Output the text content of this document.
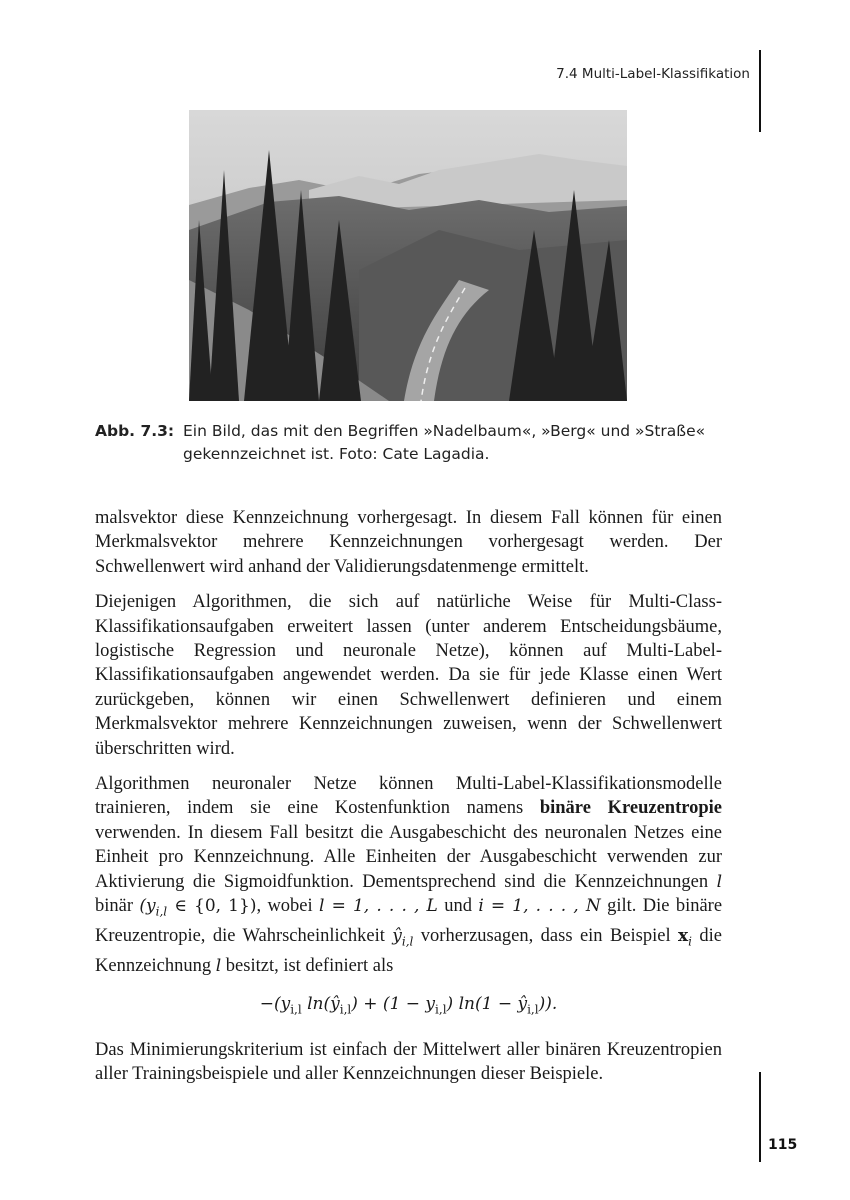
7.4 Multi-Label-Klassifikation
Abb. 7.3: Ein Bild, das mit den Begriffen »Nadelbaum«, »Berg« und »Straße« gekennzeichnet ist. Foto: Cate Lagadia.

malsvektor diese Kennzeichnung vorhergesagt. In diesem Fall können für einen Merkmalsvektor mehrere Kennzeichnungen vorhergesagt werden. Der Schwellenwert wird anhand der Validierungsdatenmenge ermittelt.

Diejenigen Algorithmen, die sich auf natürliche Weise für Multi-Class-Klassifikationsaufgaben erweitert lassen (unter anderem Entscheidungsbäume, logistische Regression und neuronale Netze), können auf Multi-Label-Klassifikationsaufgaben angewendet werden. Da sie für jede Klasse einen Wert zurückgeben, können wir einen Schwellenwert definieren und einem Merkmalsvektor mehrere Kennzeichnungen zuweisen, wenn der Schwellenwert überschritten wird.

Algorithmen neuronaler Netze können Multi-Label-Klassifikationsmodelle trainieren, indem sie eine Kostenfunktion namens binäre Kreuzentropie verwenden. In diesem Fall besitzt die Ausgabeschicht des neuronalen Netzes eine Einheit pro Kennzeichnung. Alle Einheiten der Ausgabeschicht verwenden zur Aktivierung die Sigmoidfunktion. Dementsprechend sind die Kennzeichnungen l binär ($y_{i,l}$ ∈ {0, 1}), wobei l = 1, . . . , L und i = 1, . . . , N gilt. Die binäre Kreuzentropie, die Wahrscheinlichkeit $ŷ_{i,l}$ vorherzusagen, dass ein Beispiel $x_i$ die Kennzeichnung l besitzt, ist definiert als

$-(y_{i,l}$ $\ln(ŷ_{i,l}) + (1 - y_{i,l}) \ln(1$ − $ŷ_{i,l}$)).

Das Minimierungskriterium ist einfach der Mittelwert aller binären Kreuzentropien aller Trainingsbeispiele und aller Kennzeichnungen dieser Beispiele.

115
